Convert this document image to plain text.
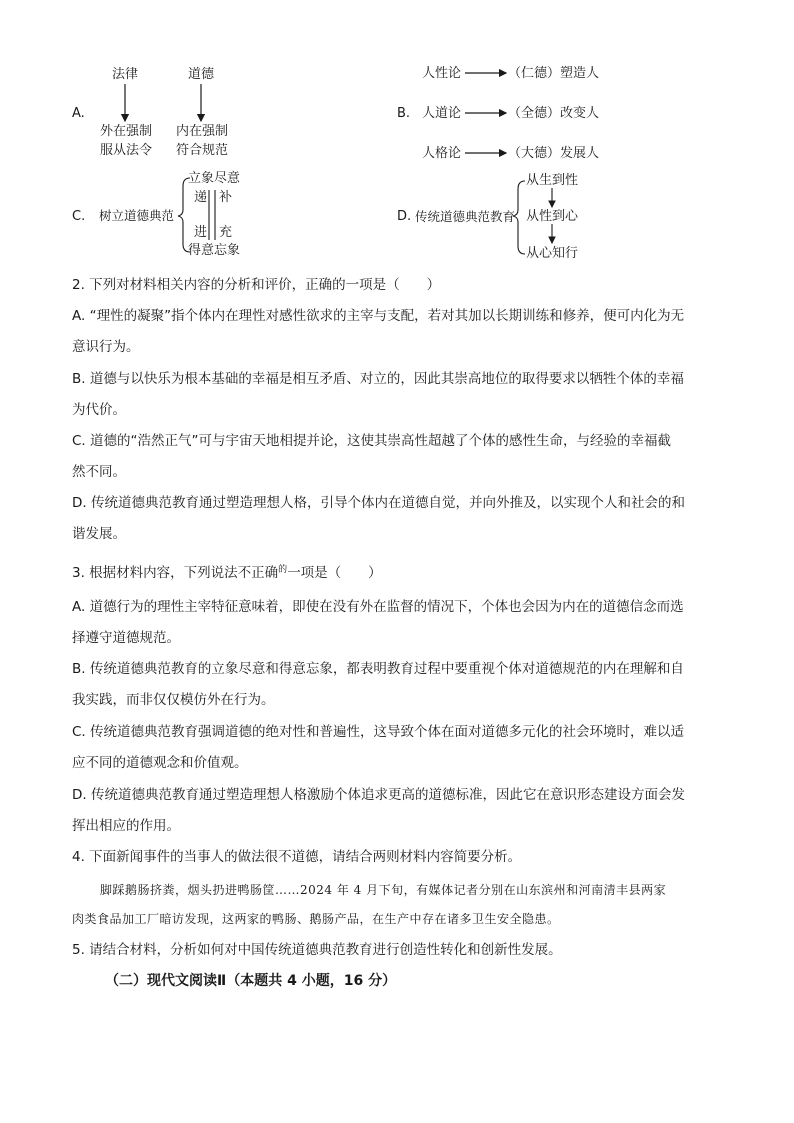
A.
法律	道德
外在强制
服从法令
内在强制
符合规范
B.
人性论	（仁德）塑造人
人道论	（全德）改变人
人格论	（大德）发展人
C. 树立道德典范
立象尽意
递
进
补
充
得意忘象
D. 传统道德典范教育
从生到性
从性到心
从心知行
2. 下列对材料相关内容的分析和评价，正确的一项是（　　）
A. “理性的凝聚”指个体内在理性对感性欲求的主宰与支配，若对其加以长期训练和修养，便可内化为无
意识行为。
B. 道德与以快乐为根本基础的幸福是相互矛盾、对立的，因此其崇高地位的取得要求以牺牲个体的幸福
为代价。
C. 道德的“浩然正气”可与宇宙天地相提并论，这使其崇高性超越了个体的感性生命，与经验的幸福截
然不同。
D. 传统道德典范教育通过塑造理想人格，引导个体内在道德自觉，并向外推及，以实现个人和社会的和
谐发展。
3. 根据材料内容，下列说法不正确$^的$一项是（　　）
A. 道德行为的理性主宰特征意味着，即使在没有外在监督的情况下，个体也会因为内在的道德信念而选
择遵守道德规范。
B. 传统道德典范教育的立象尽意和得意忘象，都表明教育过程中要重视个体对道德规范的内在理解和自
我实践，而非仅仅模仿外在行为。
C. 传统道德典范教育强调道德的绝对性和普遍性，这导致个体在面对道德多元化的社会环境时，难以适
应不同的道德观念和价值观。
D. 传统道德典范教育通过塑造理想人格激励个体追求更高的道德标准，因此它在意识形态建设方面会发
挥出相应的作用。
4. 下面新闻事件的当事人的做法很不道德，请结合两则材料内容简要分析。
脚踩鹅肠挤粪，烟头扔进鸭肠筐……2024 年 4 月下旬，有媒体记者分别在山东滨州和河南清丰县两家
肉类食品加工厂暗访发现，这两家的鸭肠、鹅肠产品，在生产中存在诸多卫生安全隐患。
5. 请结合材料，分析如何对中国传统道德典范教育进行创造性转化和创新性发展。
（二）现代文阅读Ⅱ（本题共 4 小题，16 分）
